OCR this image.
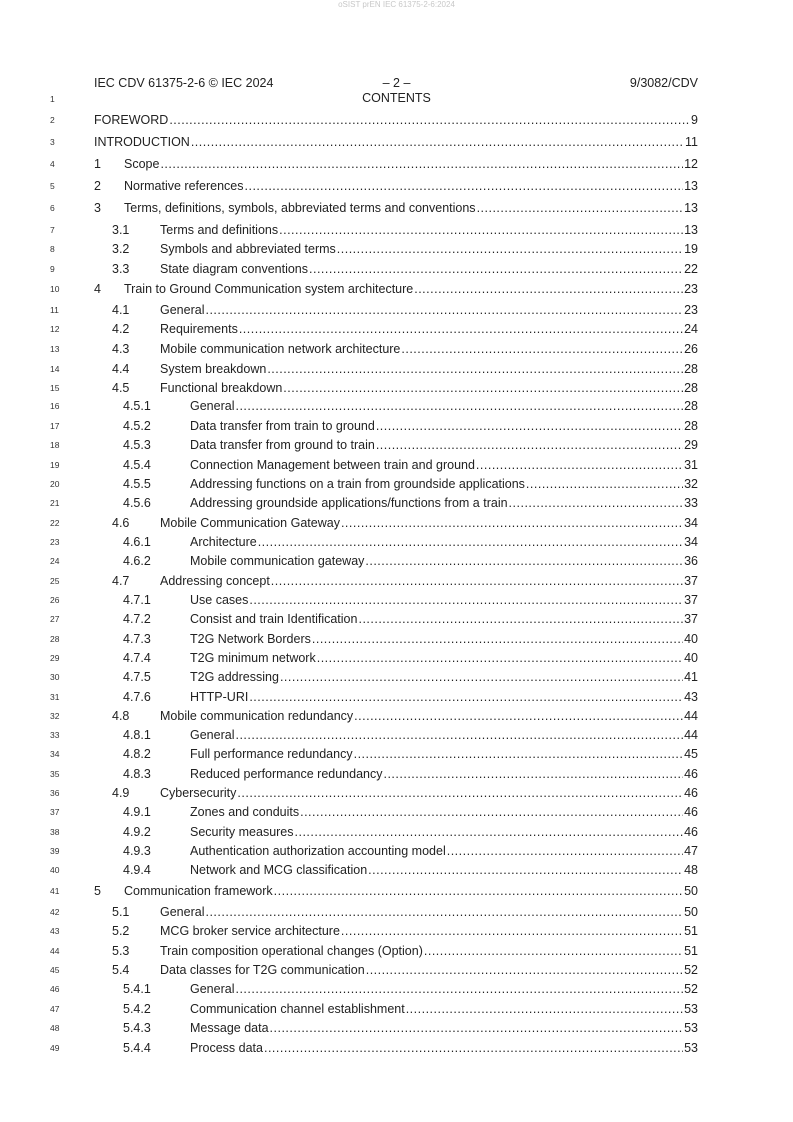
oSIST prEN IEC 61375-2-6:2024
IEC CDV 61375-2-6 © IEC 2024	– 2 –	9/3082/CDV
1	CONTENTS
2	FOREWORD .....	9
3	INTRODUCTION .....	11
4	1	Scope .....	12
5	2	Normative references .....	13
6	3	Terms, definitions, symbols, abbreviated terms and conventions .....	13
7	3.1	Terms and definitions .....	13
8	3.2	Symbols and abbreviated terms .....	19
9	3.3	State diagram conventions .....	22
10	4	Train to Ground Communication system architecture .....	23
11	4.1	General .....	23
12	4.2	Requirements .....	24
13	4.3	Mobile communication network architecture .....	26
14	4.4	System breakdown .....	28
15	4.5	Functional breakdown .....	28
16	4.5.1	General .....	28
17	4.5.2	Data transfer from train to ground .....	28
18	4.5.3	Data transfer from ground to train .....	29
19	4.5.4	Connection Management between train and ground .....	31
20	4.5.5	Addressing functions on a train from groundside applications .....	32
21	4.5.6	Addressing groundside applications/functions from a train .....	33
22	4.6	Mobile Communication Gateway .....	34
23	4.6.1	Architecture .....	34
24	4.6.2	Mobile communication gateway .....	36
25	4.7	Addressing concept .....	37
26	4.7.1	Use cases .....	37
27	4.7.2	Consist and train Identification .....	37
28	4.7.3	T2G Network Borders .....	40
29	4.7.4	T2G minimum network .....	40
30	4.7.5	T2G addressing .....	41
31	4.7.6	HTTP-URI .....	43
32	4.8	Mobile communication redundancy .....	44
33	4.8.1	General .....	44
34	4.8.2	Full performance redundancy .....	45
35	4.8.3	Reduced performance redundancy .....	46
36	4.9	Cybersecurity .....	46
37	4.9.1	Zones and conduits .....	46
38	4.9.2	Security measures .....	46
39	4.9.3	Authentication authorization accounting model .....	47
40	4.9.4	Network and MCG classification .....	48
41	5	Communication framework .....	50
42	5.1	General .....	50
43	5.2	MCG broker service architecture .....	51
44	5.3	Train composition operational changes (Option) .....	51
45	5.4	Data classes for T2G communication .....	52
46	5.4.1	General .....	52
47	5.4.2	Communication channel establishment .....	53
48	5.4.3	Message data .....	53
49	5.4.4	Process data .....	53
